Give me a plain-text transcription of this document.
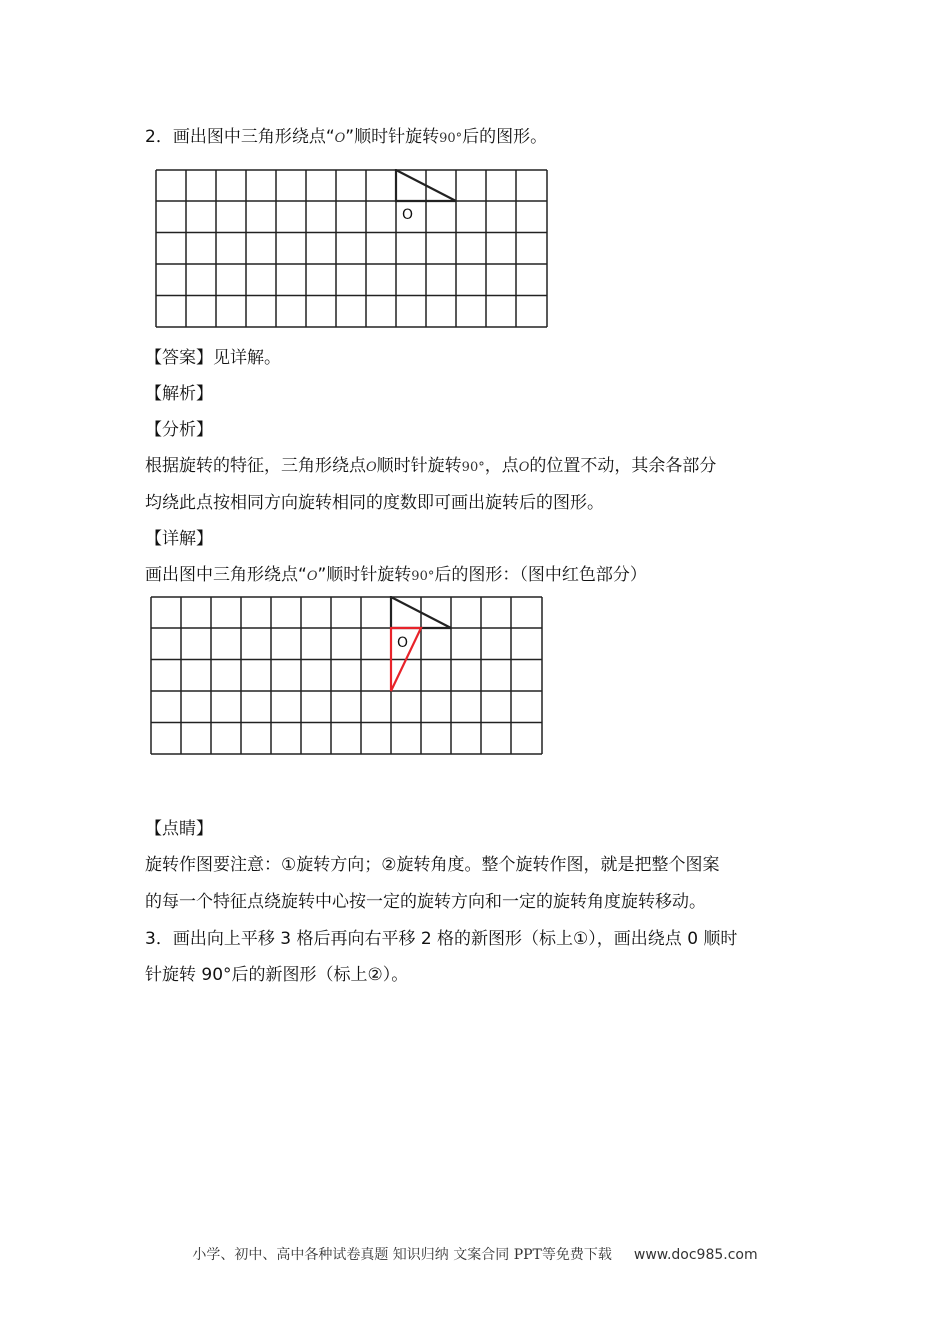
2．画出图中三角形绕点“O”顺时针旋转90°后的图形。
O
【答案】见详解。
【解析】
【分析】
根据旋转的特征，三角形绕点O顺时针旋转90°，点O的位置不动，其余各部分
均绕此点按相同方向旋转相同的度数即可画出旋转后的图形。
【详解】
画出图中三角形绕点“O”顺时针旋转90°后的图形：（图中红色部分）
O
【点睛】
旋转作图要注意：①旋转方向；②旋转角度。整个旋转作图，就是把整个图案
的每一个特征点绕旋转中心按一定的旋转方向和一定的旋转角度旋转移动。
3．画出向上平移 3 格后再向右平移 2 格的新图形（标上①），画出绕点 0 顺时
针旋转 90°后的新图形（标上②）。
小学、初中、高中各种试卷真题 知识归纳 文案合同 PPT等免费下载 www.doc985.com
